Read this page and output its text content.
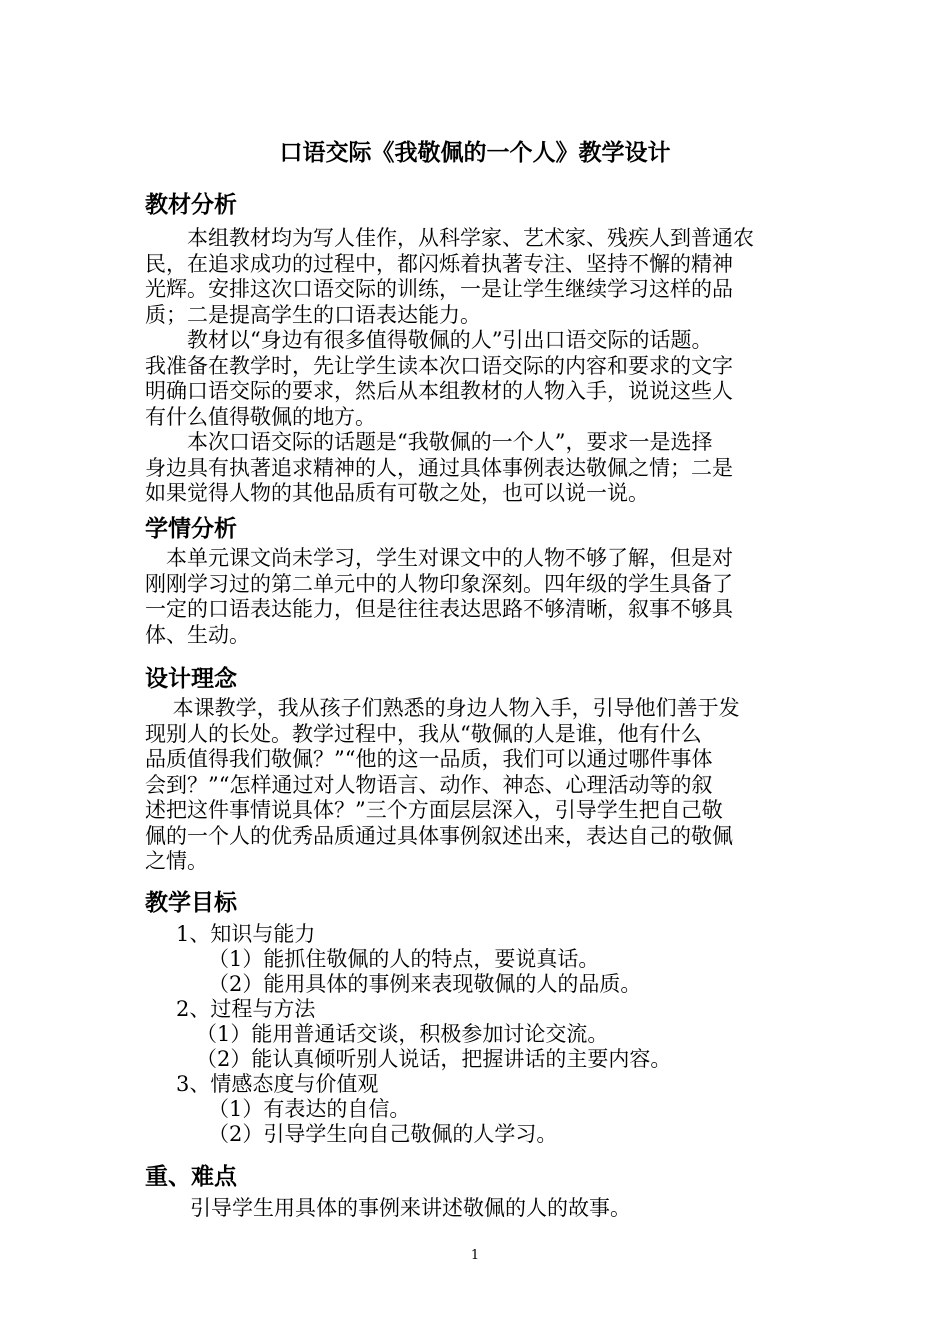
口语交际《我敬佩的一个人》教学设计
教材分析
　　本组教材均为写人佳作，从科学家、艺术家、残疾人到普通农
民，在追求成功的过程中，都闪烁着执著专注、坚持不懈的精神
光辉。安排这次口语交际的训练，一是让学生继续学习这样的品
质；二是提高学生的口语表达能力。
　　教材以“身边有很多值得敬佩的人”引出口语交际的话题。
我准备在教学时，先让学生读本次口语交际的内容和要求的文字
明确口语交际的要求，然后从本组教材的人物入手，说说这些人
有什么值得敬佩的地方。
　　本次口语交际的话题是“我敬佩的一个人”，要求一是选择
身边具有执著追求精神的人，通过具体事例表达敬佩之情；二是
如果觉得人物的其他品质有可敬之处，也可以说一说。
学情分析
　本单元课文尚未学习，学生对课文中的人物不够了解，但是对
刚刚学习过的第二单元中的人物印象深刻。四年级的学生具备了
一定的口语表达能力，但是往往表达思路不够清晰，叙事不够具
体、生动。
设计理念
　 本课教学，我从孩子们熟悉的身边人物入手，引导他们善于发
现别人的长处。教学过程中，我从“敬佩的人是谁，他有什么
品质值得我们敬佩？”“他的这一品质，我们可以通过哪件事体
会到？”“怎样通过对人物语言、动作、神态、心理活动等的叙
述把这件事情说具体？”三个方面层层深入，引导学生把自己敬
佩的一个人的优秀品质通过具体事例叙述出来，表达自己的敬佩
之情。
教学目标
1、知识与能力
（1）能抓住敬佩的人的特点，要说真话。
（2）能用具体的事例来表现敬佩的人的品质。
2、过程与方法
（1）能用普通话交谈，积极参加讨论交流。
（2）能认真倾听别人说话，把握讲话的主要内容。
3、情感态度与价值观
（1）有表达的自信。
（2）引导学生向自己敬佩的人学习。
重、难点
引导学生用具体的事例来讲述敬佩的人的故事。
1
